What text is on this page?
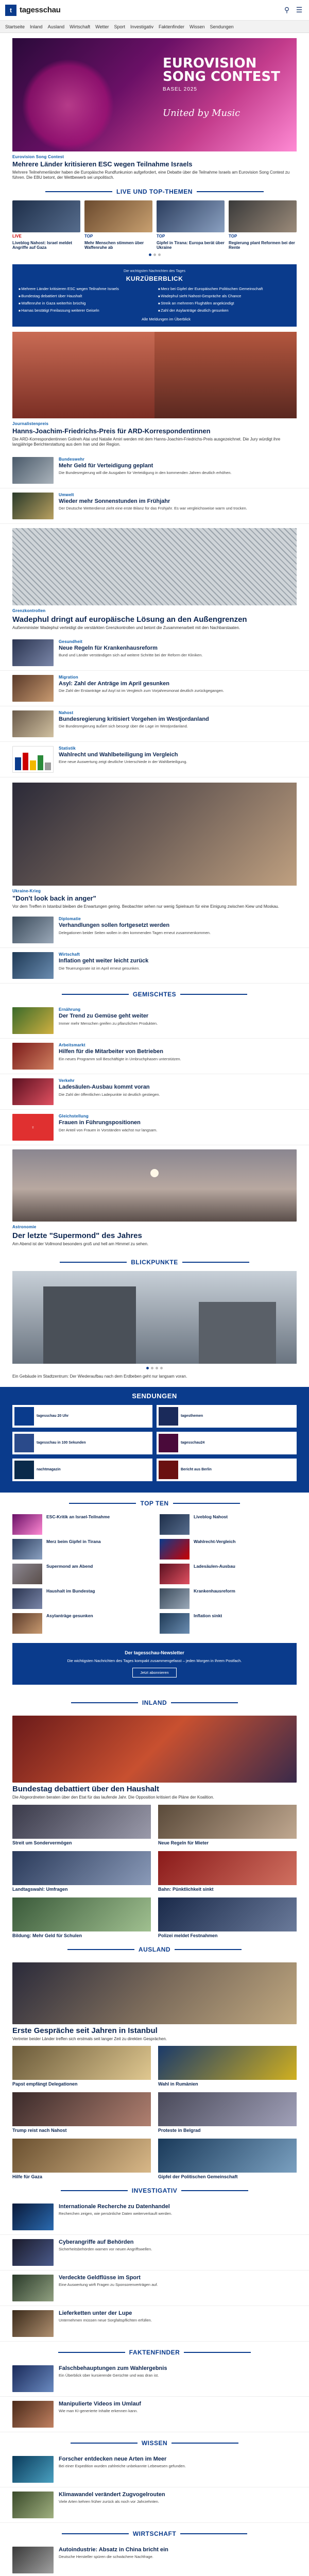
t	tagesschau	⚲ ☰
Startseite Inland Ausland Wirtschaft Wetter Sport Investigativ Faktenfinder Wissen Sendungen
EUROVISION SONG CONTEST
BASEL 2025
United by Music
Eurovision Song Contest
Mehrere Länder kritisieren ESC wegen Teilnahme Israels
Mehrere Teilnehmerländer haben die Europäische Rundfunkunion aufgefordert, eine Debatte über die Teilnahme Israels am Eurovision Song Contest zu führen. Die EBU betont, der Wettbewerb sei unpolitisch.
LIVE UND TOP-THEMEN
LIVE
Liveblog Nahost: Israel meldet Angriffe auf Gaza
TOP
Mehr Menschen stimmen über Waffenruhe ab
TOP
Gipfel in Tirana: Europa berät über Ukraine
TOP
Regierung plant Reformen bei der Rente
Die wichtigsten Nachrichten des Tages
KURZÜBERBLICK
■ Mehrere Länder kritisieren ESC wegen Teilnahme Israels	■ Merz bei Gipfel der Europäischen Politischen Gemeinschaft
■ Bundestag debattiert über Haushalt	■ Wadephul sieht Nahost-Gespräche als Chance
■ Waffenruhe in Gaza weiterhin brüchig	■ Streik an mehreren Flughäfen angekündigt
■ Hamas bestätigt Freilassung weiterer Geiseln	■ Zahl der Asylanträge deutlich gesunken
Alle Meldungen im Überblick
Journalistenpreis
Hanns-Joachim-Friedrichs-Preis für ARD-Korrespondentinnen
Die ARD-Korrespondentinnen Golineh Atai und Natalie Amiri werden mit dem Hanns-Joachim-Friedrichs-Preis ausgezeichnet. Die Jury würdigt ihre langjährige Berichterstattung aus dem Iran und der Region.
Bundeswehr
Mehr Geld für Verteidigung geplant
Die Bundesregierung will die Ausgaben für Verteidigung in den kommenden Jahren deutlich erhöhen.
Umwelt
Wieder mehr Sonnenstunden im Frühjahr
Der Deutsche Wetterdienst zieht eine erste Bilanz für das Frühjahr. Es war vergleichsweise warm und trocken.
Grenzkontrollen
Wadephul dringt auf europäische Lösung an den Außengrenzen
Außenminister Wadephul verteidigt die verstärkten Grenzkontrollen und betont die Zusammenarbeit mit den Nachbarstaaten.
Gesundheit
Neue Regeln für Krankenhausreform
Bund und Länder verständigen sich auf weitere Schritte bei der Reform der Kliniken.
Migration
Asyl: Zahl der Anträge im April gesunken
Die Zahl der Erstanträge auf Asyl ist im Vergleich zum Vorjahresmonat deutlich zurückgegangen.
Nahost
Bundesregierung kritisiert Vorgehen im Westjordanland
Die Bundesregierung äußert sich besorgt über die Lage im Westjordanland.
Statistik
Wahlrecht und Wahlbeteiligung im Vergleich
Eine neue Auswertung zeigt deutliche Unterschiede in der Wahlbeteiligung.
Ukraine-Krieg
"Don't look back in anger"
Vor dem Treffen in Istanbul bleiben die Erwartungen gering. Beobachter sehen nur wenig Spielraum für eine Einigung zwischen Kiew und Moskau.
Diplomatie
Verhandlungen sollen fortgesetzt werden
Delegationen beider Seiten wollen in den kommenden Tagen erneut zusammenkommen.
Wirtschaft
Inflation geht weiter leicht zurück
Die Teuerungsrate ist im April erneut gesunken.
GEMISCHTES
Ernährung
Der Trend zu Gemüse geht weiter
Immer mehr Menschen greifen zu pflanzlichen Produkten.
Arbeitsmarkt
Hilfen für die Mitarbeiter von Betrieben
Ein neues Programm soll Beschäftigte in Umbruchphasen unterstützen.
Verkehr
Ladesäulen-Ausbau kommt voran
Die Zahl der öffentlichen Ladepunkte ist deutlich gestiegen.
♀
Gleichstellung
Frauen in Führungspositionen
Der Anteil von Frauen in Vorständen wächst nur langsam.
Astronomie
Der letzte "Supermond" des Jahres
Am Abend ist der Vollmond besonders groß und hell am Himmel zu sehen.
BLICKPUNKTE
Ein Gebäude im Stadtzentrum: Der Wiederaufbau nach dem Erdbeben geht nur langsam voran.
SENDUNGEN
tagesschau 20 Uhr	tagesthemen
tagesschau in 100 Sekunden	tagesschau24
nachtmagazin	Bericht aus Berlin
TOP TEN
ESC-Kritik an Israel-Teilnahme
Merz beim Gipfel in Tirana
Supermond am Abend
Haushalt im Bundestag
Asylanträge gesunken
Liveblog Nahost
Wahlrecht-Vergleich
Ladesäulen-Ausbau
Krankenhausreform
Inflation sinkt
Der tagesschau-Newsletter
Die wichtigsten Nachrichten des Tages kompakt zusammengefasst – jeden Morgen in Ihrem Postfach.
Jetzt abonnieren
INLAND
Bundestag debattiert über den Haushalt
Die Abgeordneten beraten über den Etat für das laufende Jahr. Die Opposition kritisiert die Pläne der Koalition.
Streit um Sondervermögen	Neue Regeln für Mieter
Landtagswahl: Umfragen	Bahn: Pünktlichkeit sinkt
Bildung: Mehr Geld für Schulen	Polizei meldet Festnahmen
AUSLAND
Erste Gespräche seit Jahren in Istanbul
Vertreter beider Länder treffen sich erstmals seit langer Zeit zu direkten Gesprächen.
Papst empfängt Delegationen	Wahl in Rumänien
Trump reist nach Nahost	Proteste in Belgrad
Hilfe für Gaza	Gipfel der Politischen Gemeinschaft
INVESTIGATIV
Internationale Recherche zu Datenhandel
Recherchen zeigen, wie persönliche Daten weiterverkauft werden.
Cyberangriffe auf Behörden
Sicherheitsbehörden warnen vor neuen Angriffswellen.
Verdeckte Geldflüsse im Sport
Eine Auswertung wirft Fragen zu Sponsorenverträgen auf.
Lieferketten unter der Lupe
Unternehmen müssen neue Sorgfaltspflichten erfüllen.
FAKTENFINDER
Falschbehauptungen zum Wahlergebnis
Ein Überblick über kursierende Gerüchte und was dran ist.
Manipulierte Videos im Umlauf
Wie man KI-generierte Inhalte erkennen kann.
WISSEN
Forscher entdecken neue Arten im Meer
Bei einer Expedition wurden zahlreiche unbekannte Lebewesen gefunden.
Klimawandel verändert Zugvogelrouten
Viele Arten kehren früher zurück als noch vor Jahrzehnten.
WIRTSCHAFT
Autoindustrie: Absatz in China bricht ein
Deutsche Hersteller spüren die schwächere Nachfrage.
